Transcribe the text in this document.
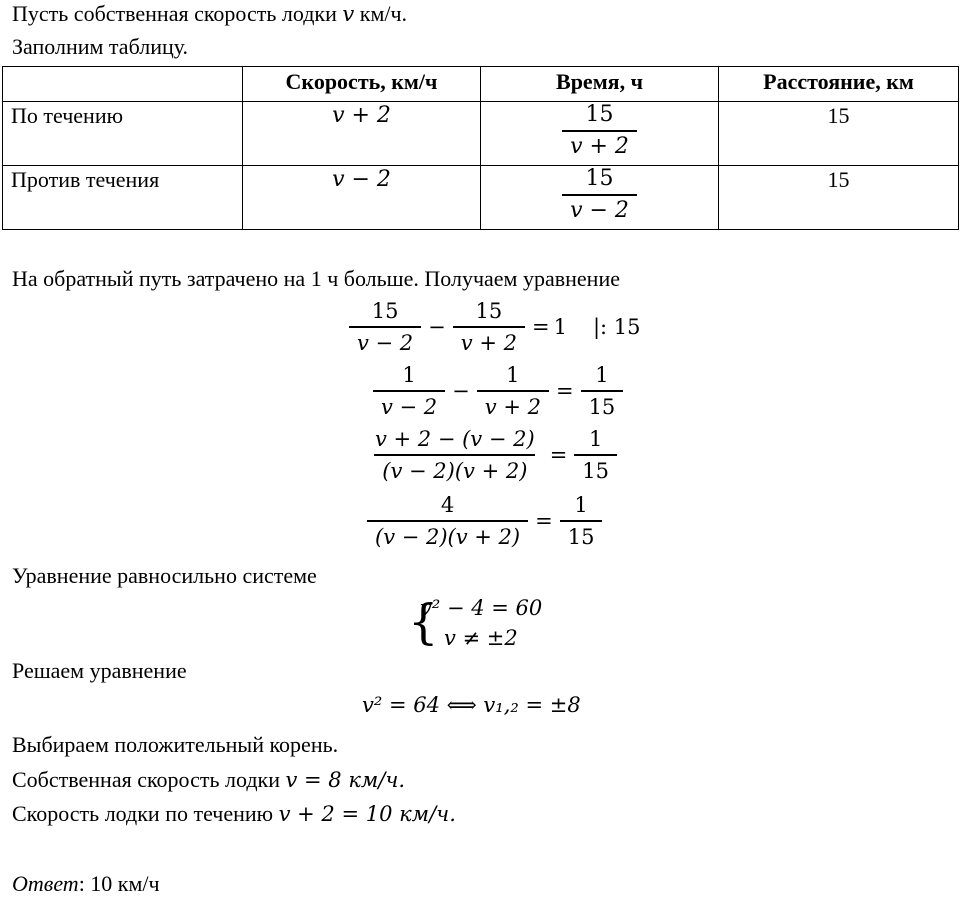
Пусть собственная скорость лодки v км/ч.
Заполним таблицу.
	Скорость, км/ч	Время, ч	Расстояние, км
По течению	v + 2	$\frac{15}{v + 2}$	15
Против течения	v − 2	$\frac{15}{v - 2}$	15
На обратный путь затрачено на 1 ч больше. Получаем уравнение
$\frac{15}{v - 2} - \frac{15}{v + 2} = 1$ |: 15
$\frac{1}{v - 2} - \frac{1}{v + 2} = \frac{1}{15}$
$\frac{v + 2 - (v - 2)}{(v - 2)(v + 2)} = \frac{1}{15}$
$\frac{4}{(v - 2)(v + 2)} = \frac{1}{15}$
Уравнение равносильно системе
{
v² − 4 = 60
v ≠ ±2
Решаем уравнение
v² = 64 ⟺ v₁,₂ = ±8
Выбираем положительный корень.
Собственная скорость лодки v = 8 км/ч.
Скорость лодки по течению v + 2 = 10 км/ч.
Ответ: 10 км/ч
